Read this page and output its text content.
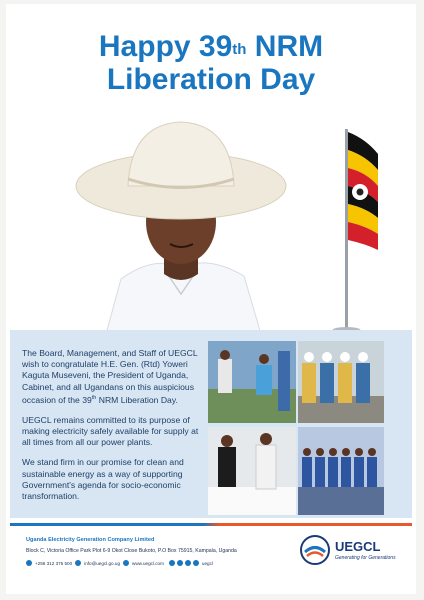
Happy 39th NRM
Liberation Day

The Board, Management, and Staff of UEGCL wish to congratulate H.E. Gen. (Rtd) Yoweri Kaguta Museveni, the President of Uganda, Cabinet, and all Ugandans on this auspicious occasion of the 39th NRM Liberation Day.

UEGCL remains committed to its purpose of making electricity safely available for supply at all times from all our power plants.

We stand firm in our promise for clean and sustainable energy as a way of supporting Government's agenda for socio-economic transformation.

Uganda Electricity Generation Company Limited
Block C, Victoria Office Park Plot 6-9 Okot Close Bukoto, P.O Box 75915, Kampala, Uganda
+256 312 375 500	info@uegcl.go.ug	www.uegcl.com	uegcl
UEGCL
Generating for Generations
